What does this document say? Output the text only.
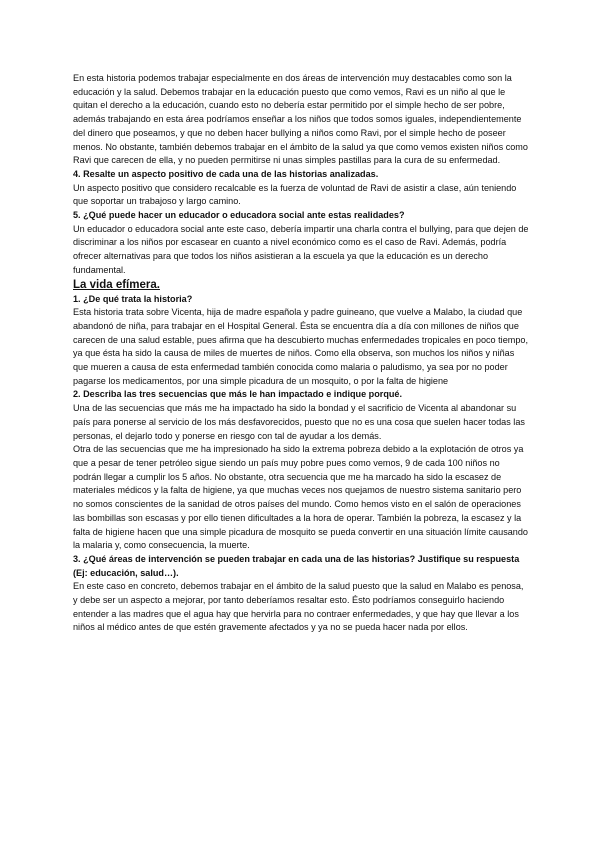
En esta historia podemos trabajar especialmente en dos áreas de intervención muy destacables como son la educación y la salud. Debemos trabajar en la educación puesto que como vemos, Ravi es un niño al que le quitan el derecho a la educación, cuando esto no debería estar permitido por el simple hecho de ser pobre, además trabajando en esta área podríamos enseñar a los niños que todos somos iguales, independientemente del dinero que poseamos, y que no deben hacer bullying a niños como Ravi, por el simple hecho de poseer menos. No obstante, también debemos trabajar en el ámbito de la salud ya que como vemos existen niños como Ravi que carecen de ella, y no pueden permitirse ni unas simples pastillas para la cura de su enfermedad.

4. Resalte un aspecto positivo de cada una de las historias analizadas.

Un aspecto positivo que considero recalcable es la fuerza de voluntad de Ravi de asistir a clase, aún teniendo que soportar un trabajoso y largo camino.

5. ¿Qué puede hacer un educador o educadora social ante estas realidades?

Un educador o educadora social ante este caso, debería impartir una charla contra el bullying, para que dejen de discriminar a los niños por escasear en cuanto a nivel económico como es el caso de Ravi. Además, podría ofrecer alternativas para que todos los niños asistieran a la escuela ya que la educación es un derecho fundamental.

La vida efímera.

1. ¿De qué trata la historia?

Esta historia trata sobre Vicenta, hija de madre española y padre guineano, que vuelve a Malabo, la ciudad que abandonó de niña, para trabajar en el Hospital General. Ésta se encuentra día a día con millones de niños que carecen de una salud estable, pues afirma que ha descubierto muchas enfermedades tropicales en poco tiempo, ya que ésta ha sido la causa de miles de muertes de niños. Como ella observa, son muchos los niños y niñas que mueren a causa de esta enfermedad también conocida como malaria o paludismo, ya sea por no poder pagarse los medicamentos, por una simple picadura de un mosquito, o por la falta de higiene

2. Describa las tres secuencias que más le han impactado e indique porqué.

Una de las secuencias que más me ha impactado ha sido la bondad y el sacrificio de Vicenta al abandonar su país para ponerse al servicio de los más desfavorecidos, puesto que no es una cosa que suelen hacer todas las personas, el dejarlo todo y ponerse en riesgo con tal de ayudar a los demás.

Otra de las secuencias que me ha impresionado ha sido la extrema pobreza debido a la explotación de otros ya que a pesar de tener petróleo sigue siendo un país muy pobre pues como vemos, 9 de cada 100 niños no podrán llegar a cumplir los 5 años. No obstante, otra secuencia que me ha marcado ha sido la escasez de materiales médicos y la falta de higiene, ya que muchas veces nos quejamos de nuestro sistema sanitario pero no somos conscientes de la sanidad de otros países del mundo. Como hemos visto en el salón de operaciones las bombillas son escasas y por ello tienen dificultades a la hora de operar. También la pobreza, la escasez y la falta de higiene hacen que una simple picadura de mosquito se pueda convertir en una situación límite causando la malaria y, como consecuencia, la muerte.

3. ¿Qué áreas de intervención se pueden trabajar en cada una de las historias? Justifique su respuesta (Ej: educación, salud…).

En este caso en concreto, debemos trabajar en el ámbito de la salud puesto que la salud en Malabo es penosa, y debe ser un aspecto a mejorar, por tanto deberíamos resaltar esto. Ésto podríamos conseguirlo haciendo entender a las madres que el agua hay que hervirla para no contraer enfermedades, y que hay que llevar a los niños al médico antes de que estén gravemente afectados y ya no se pueda hacer nada por ellos.
